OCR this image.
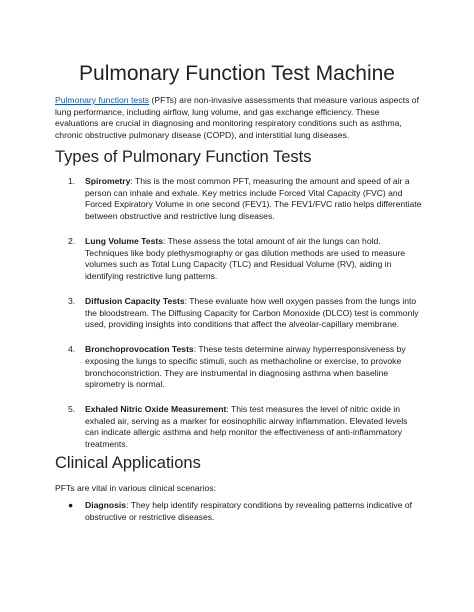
Pulmonary Function Test Machine

Pulmonary function tests (PFTs) are non-invasive assessments that measure various aspects of lung performance, including airflow, lung volume, and gas exchange efficiency. These evaluations are crucial in diagnosing and monitoring respiratory conditions such as asthma, chronic obstructive pulmonary disease (COPD), and interstitial lung diseases.

Types of Pulmonary Function Tests
1. Spirometry: This is the most common PFT, measuring the amount and speed of air a person can inhale and exhale. Key metrics include Forced Vital Capacity (FVC) and Forced Expiratory Volume in one second (FEV1). The FEV1/FVC ratio helps differentiate between obstructive and restrictive lung diseases.
2. Lung Volume Tests: These assess the total amount of air the lungs can hold. Techniques like body plethysmography or gas dilution methods are used to measure volumes such as Total Lung Capacity (TLC) and Residual Volume (RV), aiding in identifying restrictive lung patterns.
3. Diffusion Capacity Tests: These evaluate how well oxygen passes from the lungs into the bloodstream. The Diffusing Capacity for Carbon Monoxide (DLCO) test is commonly used, providing insights into conditions that affect the alveolar-capillary membrane.
4. Bronchoprovocation Tests: These tests determine airway hyperresponsiveness by exposing the lungs to specific stimuli, such as methacholine or exercise, to provoke bronchoconstriction. They are instrumental in diagnosing asthma when baseline spirometry is normal.
5. Exhaled Nitric Oxide Measurement: This test measures the level of nitric oxide in exhaled air, serving as a marker for eosinophilic airway inflammation. Elevated levels can indicate allergic asthma and help monitor the effectiveness of anti-inflammatory treatments.
Clinical Applications

PFTs are vital in various clinical scenarios:

● Diagnosis: They help identify respiratory conditions by revealing patterns indicative of obstructive or restrictive diseases.
